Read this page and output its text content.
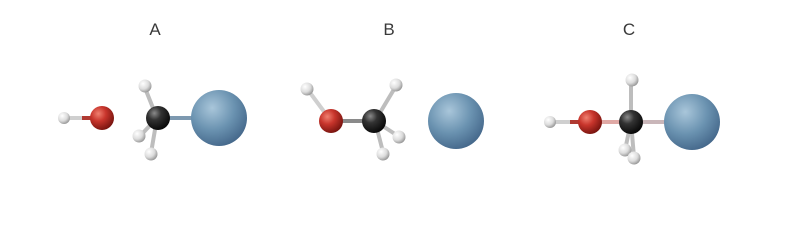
A	B	C
